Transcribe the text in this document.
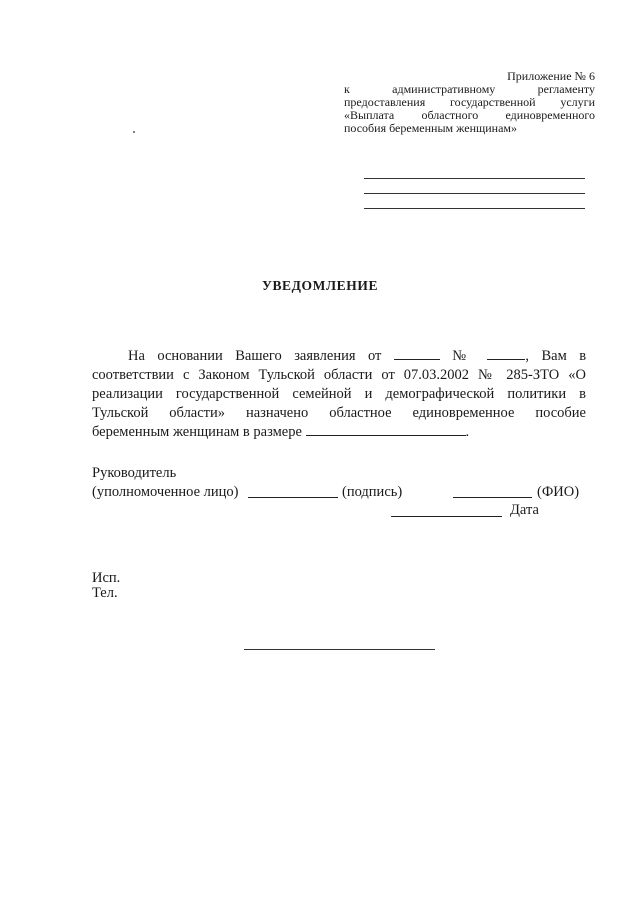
Приложение № 6
к административному регламенту
предоставления государственной услуги
«Выплата областного единовременного
пособия беременным женщинам»
УВЕДОМЛЕНИЕ
На основании Вашего заявления от	№	, Вам в
соответствии с Законом Тульской области от 07.03.2002 № 285-ЗТО «О
реализации государственной семейной и демографической политики в
Тульской области» назначено областное единовременное пособие
беременным женщинам в размере	.
Руководитель
(уполномоченное лицо)	(подпись)	(ФИО)
Дата
Исп.
Тел.
